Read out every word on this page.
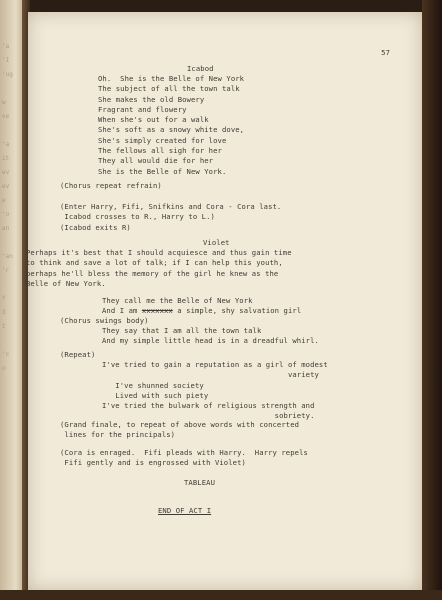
'a
'I
'ug

w
ve

'a
it
ev
ev
e
'o
an
'an
'r

Y
3
t

'c
o
57
Icabod
Oh.  She is the Belle of New York
The subject of all the town talk
She makes the old Bowery
Fragrant and flowery
When she's out for a walk
She's soft as a snowy white dove,
She's simply created for love
The fellows all sigh for her
They all would die for her
She is the Belle of New York.
(Chorus repeat refrain)
(Enter Harry, Fifi, Snifkins and Cora - Cora last.
Icabod crosses to R., Harry to L.)
(Icabod exits R)
Violet
Perhaps it's best that I should acquiesce and thus gain time
to think and save a lot of talk; if I can help this youth,
perhaps he'll bless the memory of the girl he knew as the
Belle of New York.
They call me the Belle of New York
And I am xxxxxxx a simple, shy salvation girl
(Chorus swings body)
They say that I am all the town talk
And my simple little head is in a dreadful whirl.
(Repeat)
I've tried to gain a reputation as a girl of modest
variety
I've shunned society
Lived with such piety
I've tried the bulwark of religious strength and
sobriety.
(Grand finale, to repeat of above words with concerted
lines for the principals)
(Cora is enraged.  Fifi pleads with Harry.  Harry repels
Fifi gently and is engrossed with Violet)
TABLEAU
END OF ACT I
